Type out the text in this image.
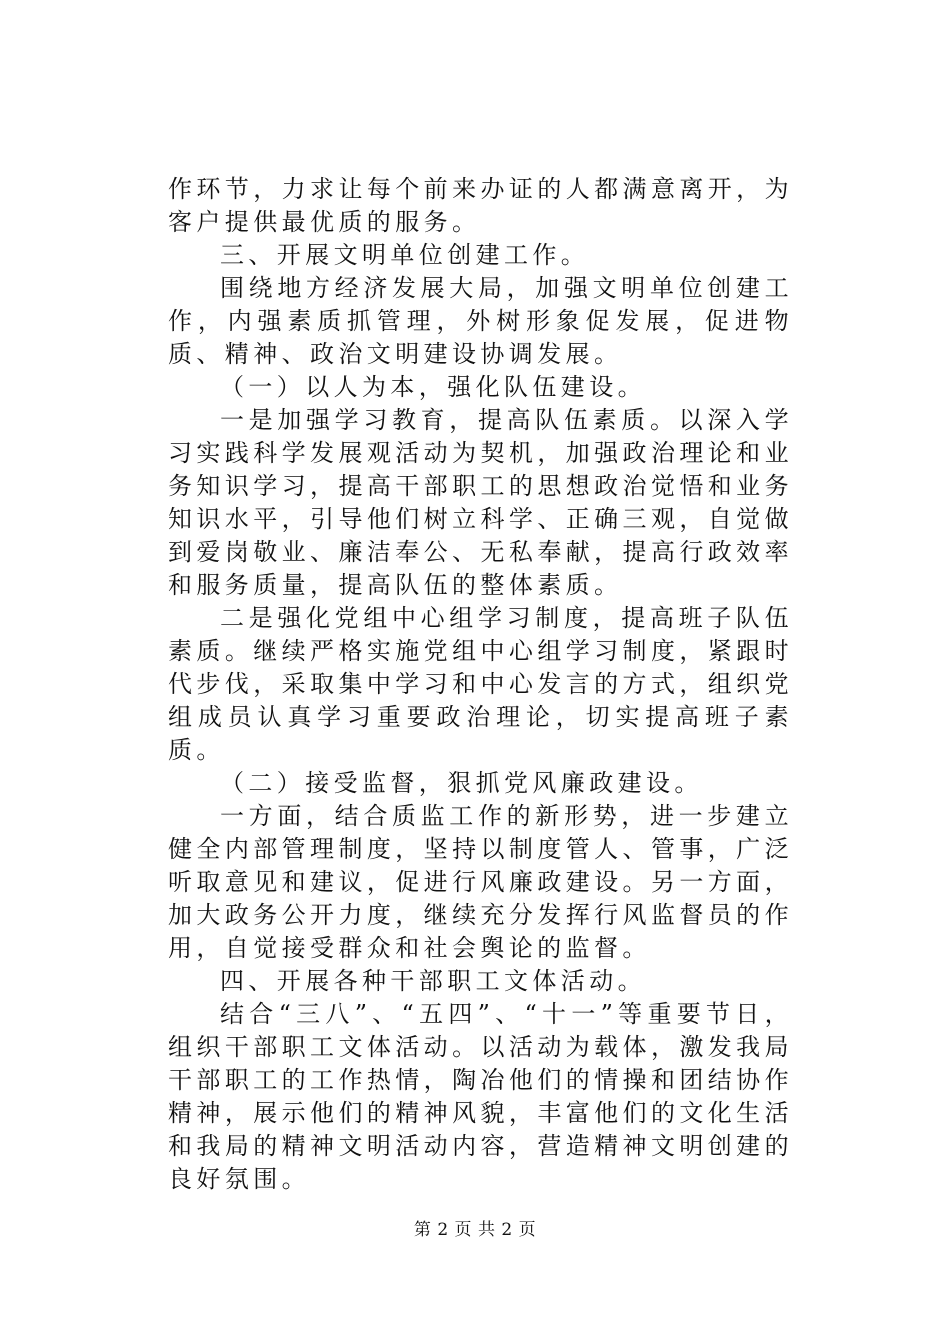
作环节，力求让每个前来办证的人都满意离开，为客户提供最优质的服务。

三、开展文明单位创建工作。

围绕地方经济发展大局，加强文明单位创建工作，内强素质抓管理，外树形象促发展，促进物质、精神、政治文明建设协调发展。

（一）以人为本，强化队伍建设。

一是加强学习教育，提高队伍素质。以深入学习实践科学发展观活动为契机，加强政治理论和业务知识学习，提高干部职工的思想政治觉悟和业务知识水平，引导他们树立科学、正确三观，自觉做到爱岗敬业、廉洁奉公、无私奉献，提高行政效率和服务质量，提高队伍的整体素质。

二是强化党组中心组学习制度，提高班子队伍素质。继续严格实施党组中心组学习制度，紧跟时代步伐，采取集中学习和中心发言的方式，组织党组成员认真学习重要政治理论，切实提高班子素质。

（二）接受监督，狠抓党风廉政建设。

一方面，结合质监工作的新形势，进一步建立健全内部管理制度，坚持以制度管人、管事，广泛听取意见和建议，促进行风廉政建设。另一方面，加大政务公开力度，继续充分发挥行风监督员的作用，自觉接受群众和社会舆论的监督。

四、开展各种干部职工文体活动。

结合“三八”、“五四”、“十一”等重要节日，组织干部职工文体活动。以活动为载体，激发我局干部职工的工作热情，陶冶他们的情操和团结协作精神，展示他们的精神风貌，丰富他们的文化生活和我局的精神文明活动内容，营造精神文明创建的良好氛围。

第 2 页 共 2 页
